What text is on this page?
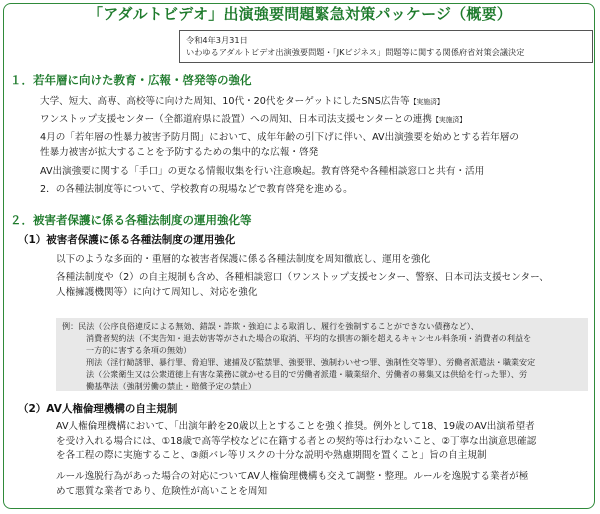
「アダルトビデオ」出演強要問題緊急対策パッケージ（概要）
令和4年3月31日
いわゆるアダルトビデオ出演強要問題・「JKビジネス」問題等に関する関係府省対策会議決定
１．若年層に向けた教育・広報・啓発等の強化
大学、短大、高専、高校等に向けた周知、10代・20代をターゲットにしたSNS広告等【実施済】
ワンストップ支援センター（全都道府県に設置）への周知、日本司法支援センターとの連携【実施済】
4月の「若年層の性暴力被害予防月間」において、成年年齢の引下げに伴い、AV出演強要を始めとする若年層の
性暴力被害が拡大することを予防するための集中的な広報・啓発
AV出演強要に関する「手口」の更なる情報収集を行い注意喚起。教育啓発や各種相談窓口と共有・活用
2．の各種法制度等について、学校教育の現場などで教育啓発を進める。
２．被害者保護に係る各種法制度の運用強化等
（1）被害者保護に係る各種法制度の運用強化
以下のような多面的・重層的な被害者保護に係る各種法制度を周知徹底し、運用を強化
各種法制度や（2）の自主規制も含め、各種相談窓口（ワンストップ支援センター、警察、日本司法支援センター、
人権擁護機関等）に向けて周知し、対応を強化
例：民法（公序良俗違反による無効、錯誤・詐欺・強迫による取消し、履行を強制することができない債務など）、
消費者契約法（不実告知・退去妨害等がされた場合の取消、平均的な損害の額を超えるキャンセル料条項・消費者の利益を
一方的に害する条項の無効）
刑法（淫行勧誘罪、暴行罪、脅迫罪、逮捕及び監禁罪、強要罪、強制わいせつ罪、強制性交等罪）、労働者派遣法・職業安定
法（公衆衛生又は公衆道徳上有害な業務に就かせる目的で労働者派遣・職業紹介、労働者の募集又は供給を行った罪）、労
働基準法（強制労働の禁止・賠償予定の禁止）
（2）AV人権倫理機構の自主規制
AV人権倫理機構において、「出演年齢を20歳以上とすることを強く推奨。例外として18、19歳のAV出演希望者
を受け入れる場合には、①18歳で高等学校などに在籍する者との契約等は行わないこと、②丁寧な出演意思確認
を各工程の際に実施すること、③顔バレ等リスクの十分な説明や熟慮期間を置くこと」旨の自主規制
ルール逸脱行為があった場合の対応についてAV人権倫理機構も交えて調整・整理。ルールを逸脱する業者が極
めて悪質な業者であり、危険性が高いことを周知
